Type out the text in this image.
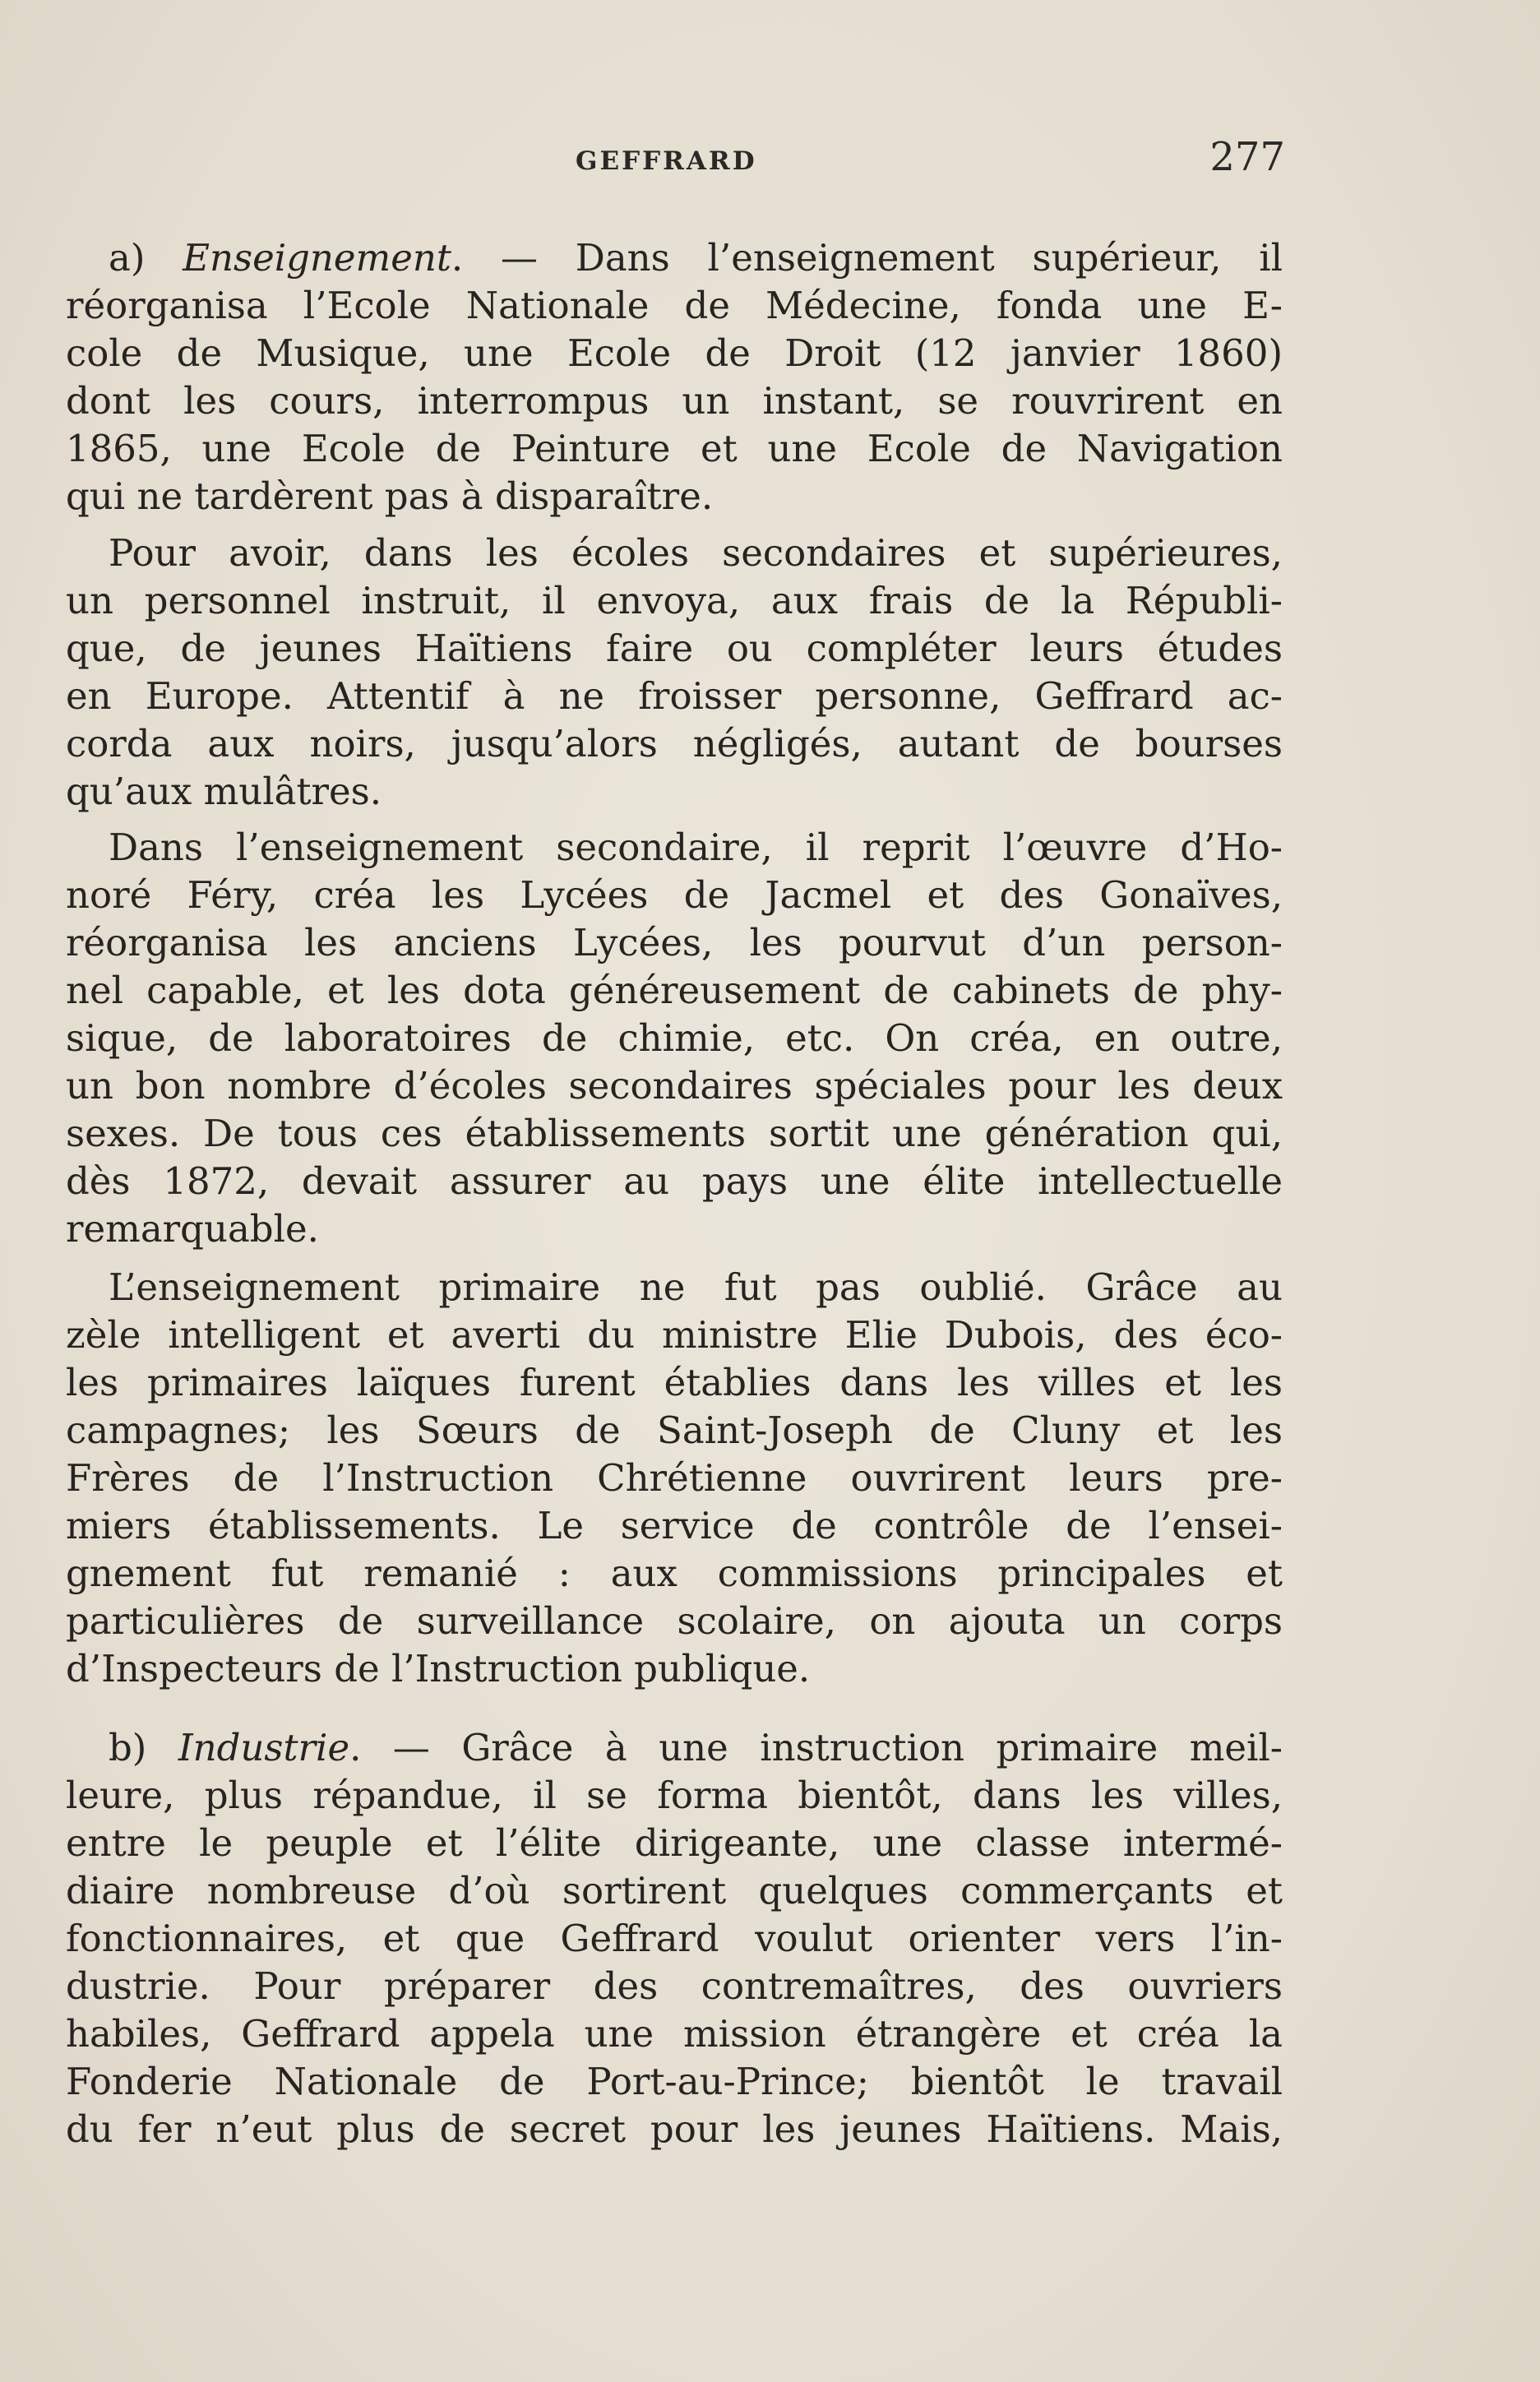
GEFFRARD	277
a) Enseignement. — Dans l’enseignement supérieur, il
réorganisa l’Ecole Nationale de Médecine, fonda une E-
cole de Musique, une Ecole de Droit (12 janvier 1860)
dont les cours, interrompus un instant, se rouvrirent en
1865, une Ecole de Peinture et une Ecole de Navigation
qui ne tardèrent pas à disparaître.
Pour avoir, dans les écoles secondaires et supérieures,
un personnel instruit, il envoya, aux frais de la Républi-
que, de jeunes Haïtiens faire ou compléter leurs études
en Europe. Attentif à ne froisser personne, Geffrard ac-
corda aux noirs, jusqu’alors négligés, autant de bourses
qu’aux mulâtres.
Dans l’enseignement secondaire, il reprit l’œuvre d’Ho-
noré Féry, créa les Lycées de Jacmel et des Gonaïves,
réorganisa les anciens Lycées, les pourvut d’un person-
nel capable, et les dota généreusement de cabinets de phy-
sique, de laboratoires de chimie, etc. On créa, en outre,
un bon nombre d’écoles secondaires spéciales pour les deux
sexes. De tous ces établissements sortit une génération qui,
dès 1872, devait assurer au pays une élite intellectuelle
remarquable.
L’enseignement primaire ne fut pas oublié. Grâce au
zèle intelligent et averti du ministre Elie Dubois, des éco-
les primaires laïques furent établies dans les villes et les
campagnes; les Sœurs de Saint-Joseph de Cluny et les
Frères de l’Instruction Chrétienne ouvrirent leurs pre-
miers établissements. Le service de contrôle de l’ensei-
gnement fut remanié : aux commissions principales et
particulières de surveillance scolaire, on ajouta un corps
d’Inspecteurs de l’Instruction publique.
b) Industrie. — Grâce à une instruction primaire meil-
leure, plus répandue, il se forma bientôt, dans les villes,
entre le peuple et l’élite dirigeante, une classe intermé-
diaire nombreuse d’où sortirent quelques commerçants et
fonctionnaires, et que Geffrard voulut orienter vers l’in-
dustrie. Pour préparer des contremaîtres, des ouvriers
habiles, Geffrard appela une mission étrangère et créa la
Fonderie Nationale de Port-au-Prince; bientôt le travail
du fer n’eut plus de secret pour les jeunes Haïtiens. Mais,
